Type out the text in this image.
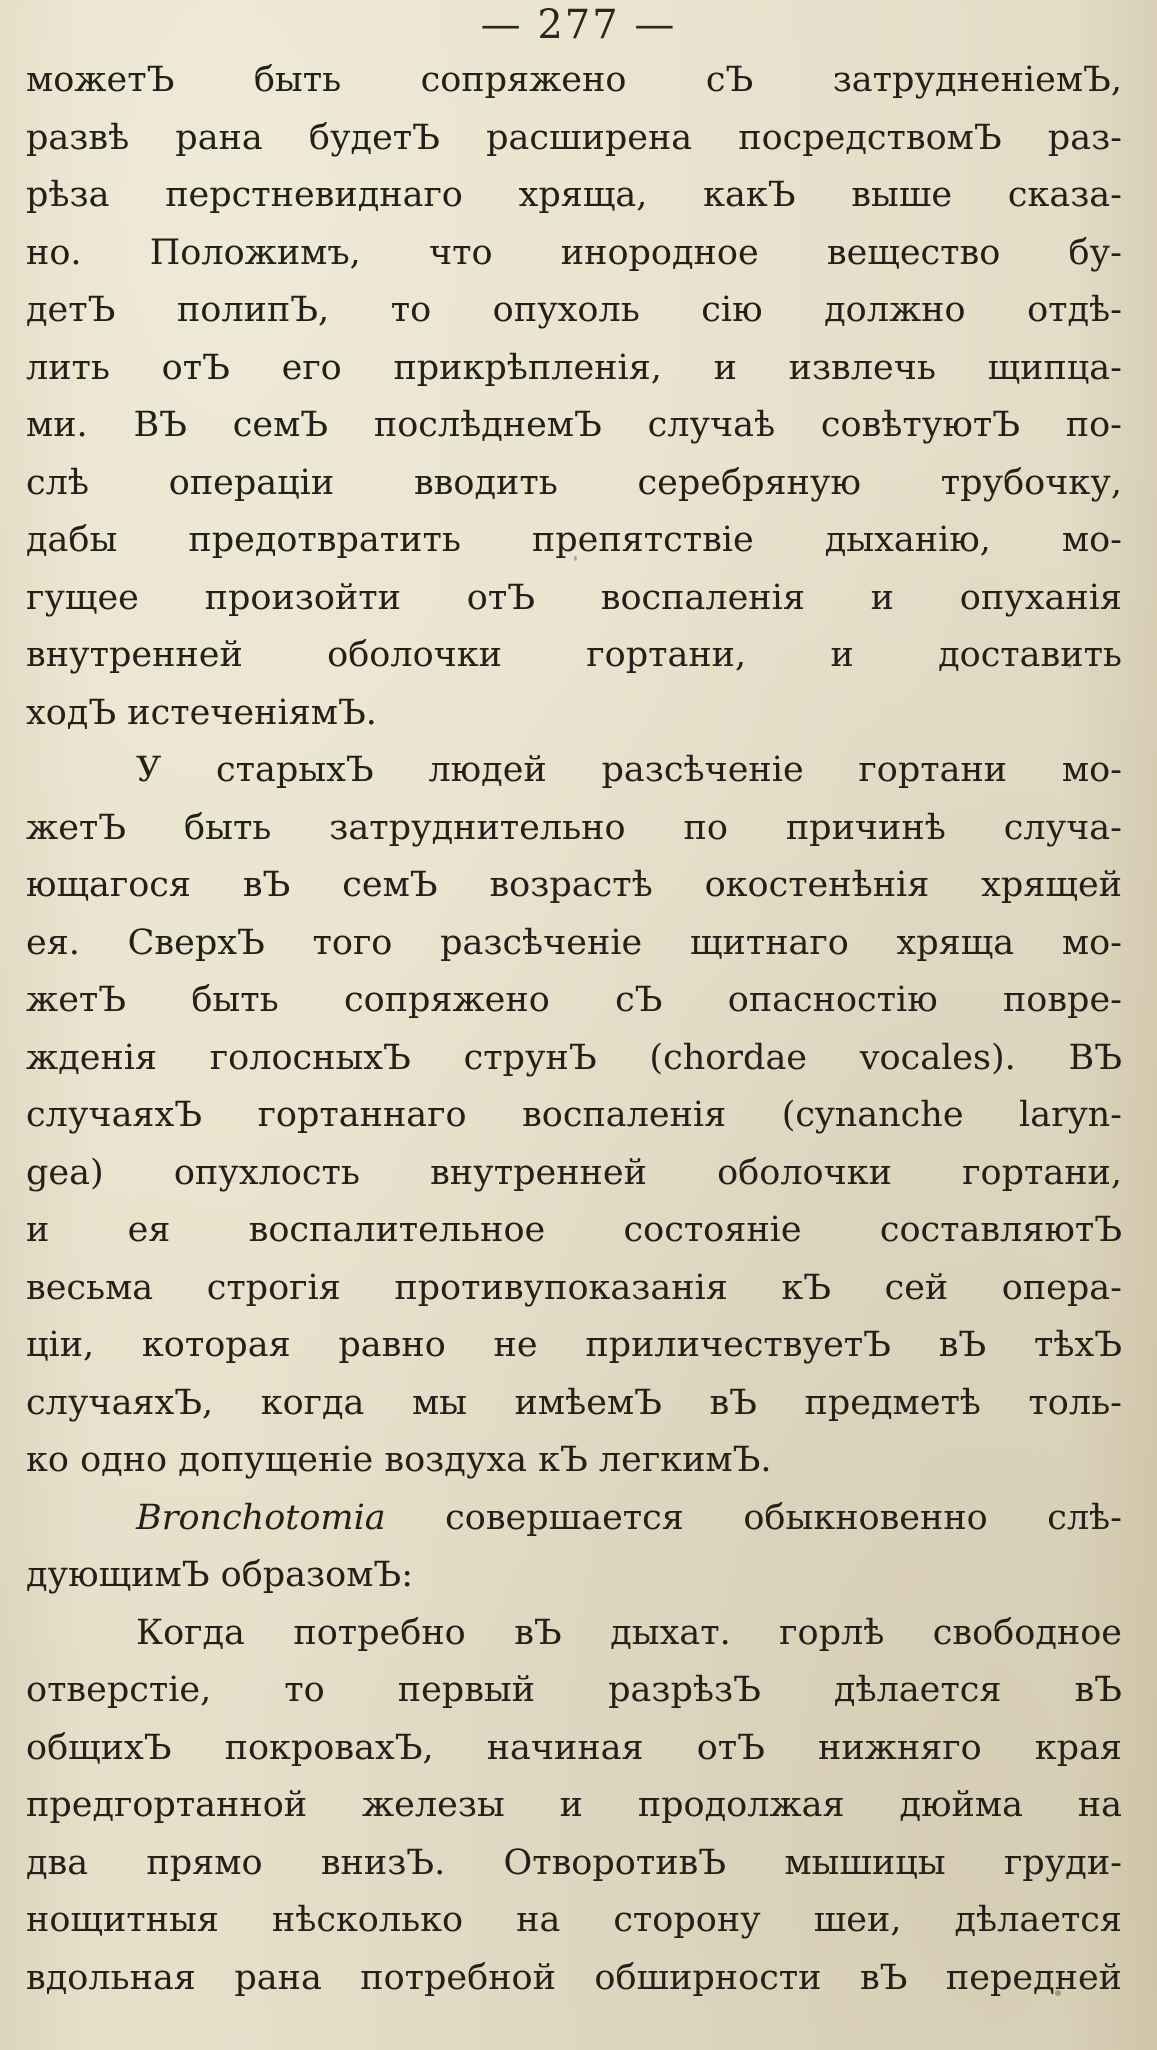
— 277 —
можетЪ быть сопряжено сЪ затрудненіемЪ,
развѣ рана будетЪ расширена посредствомЪ раз-
рѣза перстневиднаго хряща, какЪ выше сказа-
но. Положимъ, что инородное вещество бу-
детЪ полипЪ, то опухоль сію должно отдѣ-
лить отЪ его прикрѣпленія, и извлечь щипца-
ми. ВЪ семЪ послѣднемЪ случаѣ совѣтуютЪ по-
слѣ операціи вводить серебряную трубочку,
дабы предотвратить препятствіе дыханію, мо-
гущее произойти отЪ воспаленія и опуханія
внутренней оболочки гортани, и доставить
ходЪ истеченіямЪ.
У старыхЪ людей разсѣченіе гортани мо-
жетЪ быть затруднительно по причинѣ случа-
ющагося вЪ семЪ возрастѣ окостенѣнія хрящей
ея. СверхЪ того разсѣченіе щитнаго хряща мо-
жетЪ быть сопряжено сЪ опасностію повре-
жденія голосныхЪ струнЪ (chordae vocales). ВЪ
случаяхЪ гортаннаго воспаленія (cynanche laryn-
gea) опухлость внутренней оболочки гортани,
и ея воспалительное состояніе составляютЪ
весьма строгія противупоказанія кЪ сей опера-
ціи, которая равно не приличествуетЪ вЪ тѣхЪ
случаяхЪ, когда мы имѣемЪ вЪ предметѣ толь-
ко одно допущеніе воздуха кЪ легкимЪ.
Bronchotomia совершается обыкновенно слѣ-
дующимЪ образомЪ:
Когда потребно вЪ дыхат. горлѣ свободное
отверстіе, то первый разрѣзЪ дѣлается вЪ
общихЪ покровахЪ, начиная отЪ нижняго края
предгортанной железы и продолжая дюйма на
два прямо внизЪ. ОтворотивЪ мышицы груди-
нощитныя нѣсколько на сторону шеи, дѣлается
вдольная рана потребной обширности вЪ передней
